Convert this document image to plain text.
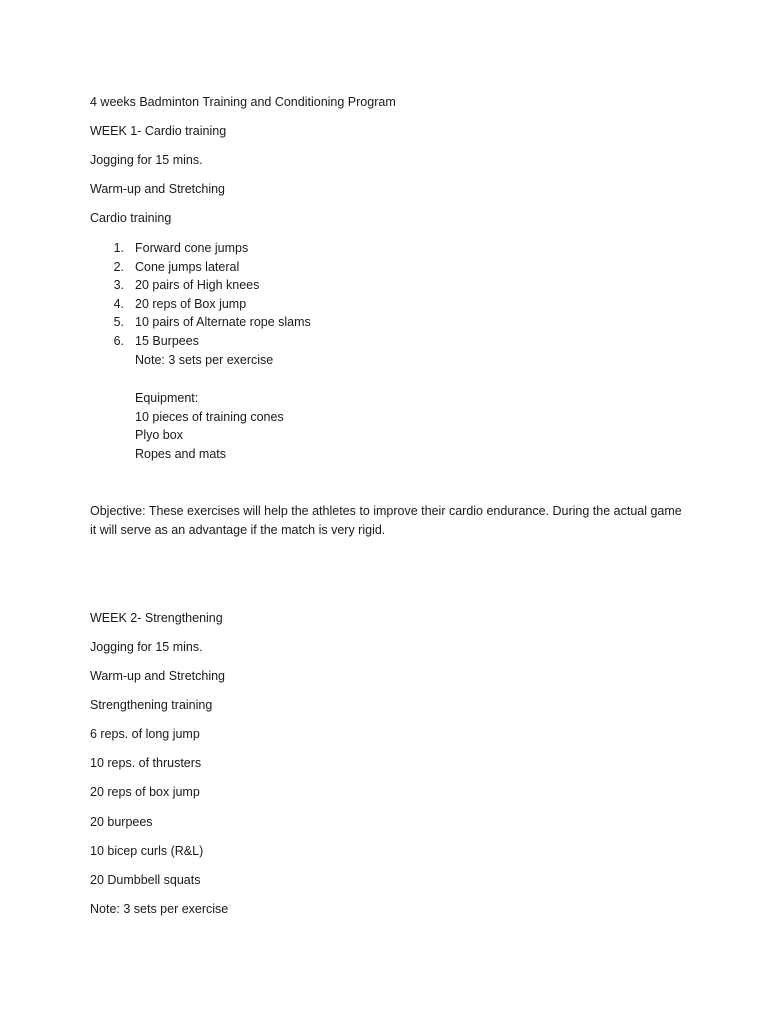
4 weeks Badminton Training and Conditioning Program
WEEK 1- Cardio training
Jogging for 15 mins.
Warm-up and Stretching
Cardio training
1. Forward cone jumps
2. Cone jumps lateral
3. 20 pairs of High knees
4. 20 reps of Box jump
5. 10 pairs of Alternate rope slams
6. 15 Burpees
Note: 3 sets per exercise
Equipment:
10 pieces of training cones
Plyo box
Ropes and mats
Objective: These exercises will help the athletes to improve their cardio endurance. During the actual game it will serve as an advantage if the match is very rigid.
WEEK 2- Strengthening
Jogging for 15 mins.
Warm-up and Stretching
Strengthening training
6 reps. of long jump
10 reps. of thrusters
20 reps of box jump
20 burpees
10 bicep curls (R&L)
20 Dumbbell squats
Note: 3 sets per exercise
